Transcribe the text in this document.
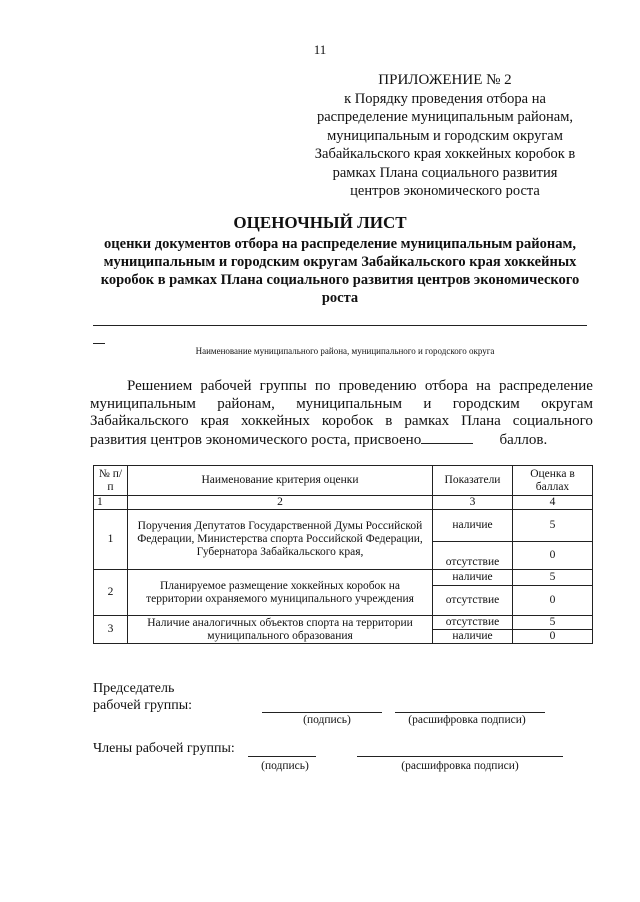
11
ПРИЛОЖЕНИЕ № 2
к Порядку проведения отбора на
распределение муниципальным районам,
муниципальным и городским округам
Забайкальского края хоккейных коробок в
рамках Плана социального развития
центров экономического роста
ОЦЕНОЧНЫЙ ЛИСТ
оценки документов отбора на распределение муниципальным районам,
муниципальным и городским округам Забайкальского края хоккейных
коробок в рамках Плана социального развития центров экономического
роста
Наименование муниципального района, муниципального и городского округа
Решением рабочей группы по проведению отбора на распределение
муниципальным районам, муниципальным и городским округам
Забайкальского края хоккейных коробок в рамках Плана социального
развития центров экономического роста, присвоено	баллов.
№ п/п	Наименование критерия оценки	Показатели	Оценка в баллах
1	2	3	4
1	Поручения Депутатов Государственной Думы Российской Федерации, Министерства спорта Российской Федерации, Губернатора Забайкальского края,	наличие	5
		отсутствие	0
2	Планируемое размещение хоккейных коробок на территории охраняемого муниципального учреждения	наличие	5
		отсутствие	0
3	Наличие аналогичных объектов спорта на территории муниципального образования	отсутствие	5
		наличие	0
Председатель
рабочей группы:
(подпись)	(расшифровка подписи)
Члены рабочей группы:
(подпись)	(расшифровка подписи)
